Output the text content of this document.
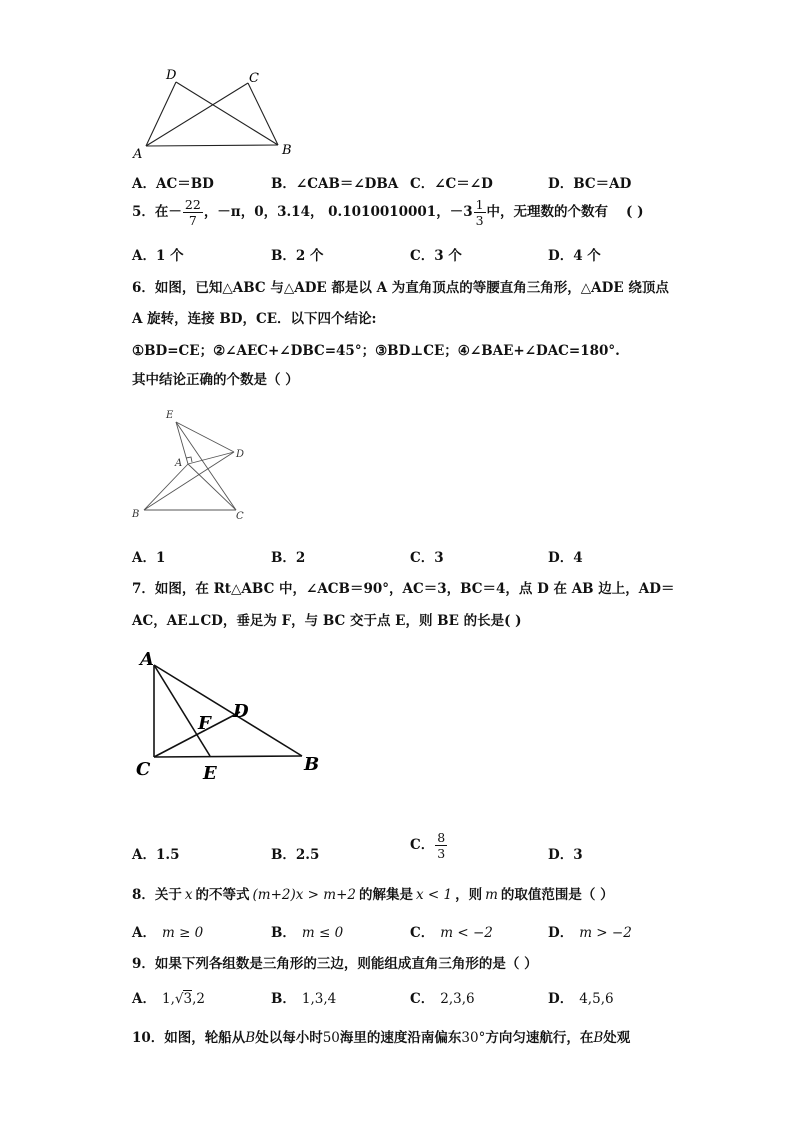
D	C
A	B
A．AC＝BD	B．∠CAB＝∠DBA C．∠C＝∠D	D．BC＝AD
5．在－ $\frac{22}{7}$ ，－π，0，3.14， 0.1010010001，$-3 \frac{1}{3}$ 中，无理数的个数有 ( )
A．1 个	B．2 个	C．3 个	D．4 个
6．如图，已知△ABC 与△ADE 都是以 A 为直角顶点的等腰直角三角形，△ADE 绕顶点
A 旋转，连接 BD，CE．以下四个结论:
①BD=CE；②∠AEC+∠DBC=45°；③BD⊥CE；④∠BAE+∠DAC=180°.
其中结论正确的个数是（ ）
E
A
D
B	C
A．1	B．2	C．3	D．4
7．如图，在 Rt△ABC 中，∠ACB＝90°，AC＝3，BC＝4，点 D 在 AB 边上，AD＝
AC，AE⊥CD，垂足为 F，与 BC 交于点 E，则 BE 的长是( )
A
D
F
C	E	B
A．1.5	B．2.5
C． $\frac{8}{3}$	D．3
8．关于 x 的不等式 (m+2)x > m+2 的解集是 x < 1 ，则 m 的取值范围是（ ）
A． m ≥ 0	B． m ≤ 0	C． m < −2	D． m > −2
9．如果下列各组数是三角形的三边，则能组成直角三角形的是（ ）
A． 1,√3,2	B． 1,3,4	C． 2,3,6	D． 4,5,6
10．如图，轮船从B处以每小时50海里的速度沿南偏东30°方向匀速航行，在B处观
